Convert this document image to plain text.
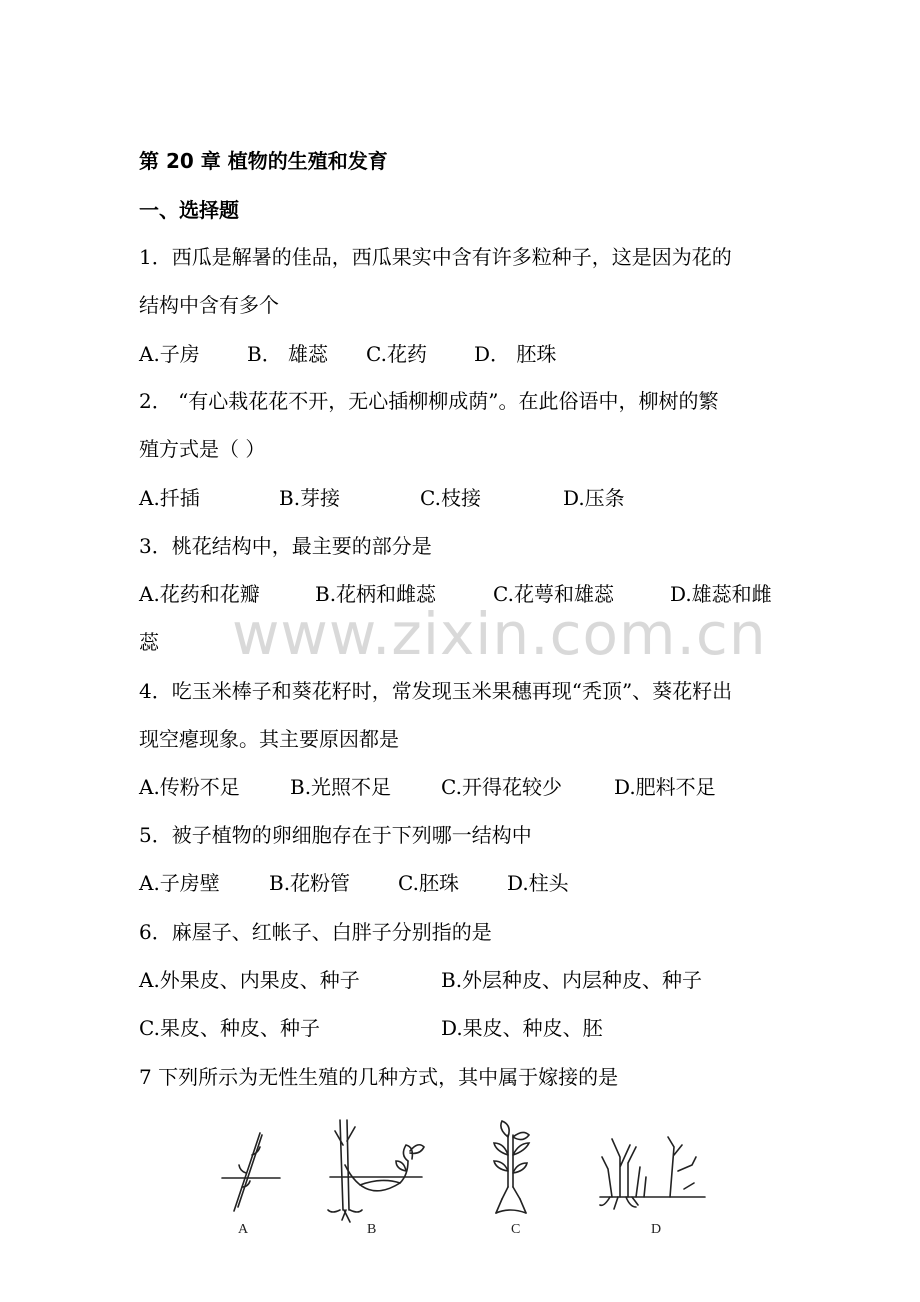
第 20 章 植物的生殖和发育
一、选择题
1．西瓜是解暑的佳品，西瓜果实中含有许多粒种子，这是因为花的
结构中含有多个
A.子房 B． 雄蕊 C.花药 D． 胚珠
2． “有心栽花花不开，无心插柳柳成荫”。在此俗语中，柳树的繁
殖方式是（ ）
A.扦插	B.芽接	C.枝接	D.压条
3．桃花结构中，最主要的部分是
A.花药和花瓣	B.花柄和雌蕊	C.花萼和雄蕊	D.雄蕊和雌
蕊 www.zixin.com.cn
4．吃玉米棒子和葵花籽时，常发现玉米果穗再现“秃顶”、葵花籽出
现空瘪现象。其主要原因都是
A.传粉不足	B.光照不足 C.开得花较少	D.肥料不足
5．被子植物的卵细胞存在于下列哪一结构中
A.子房壁 B.花粉管 C.胚珠 D.柱头
6．麻屋子、红帐子、白胖子分别指的是
A.外果皮、内果皮、种子	B.外层种皮、内层种皮、种子
C.果皮、种皮、种子	D.果皮、种皮、胚
7 下列所示为无性生殖的几种方式，其中属于嫁接的是
A	B	C	D
